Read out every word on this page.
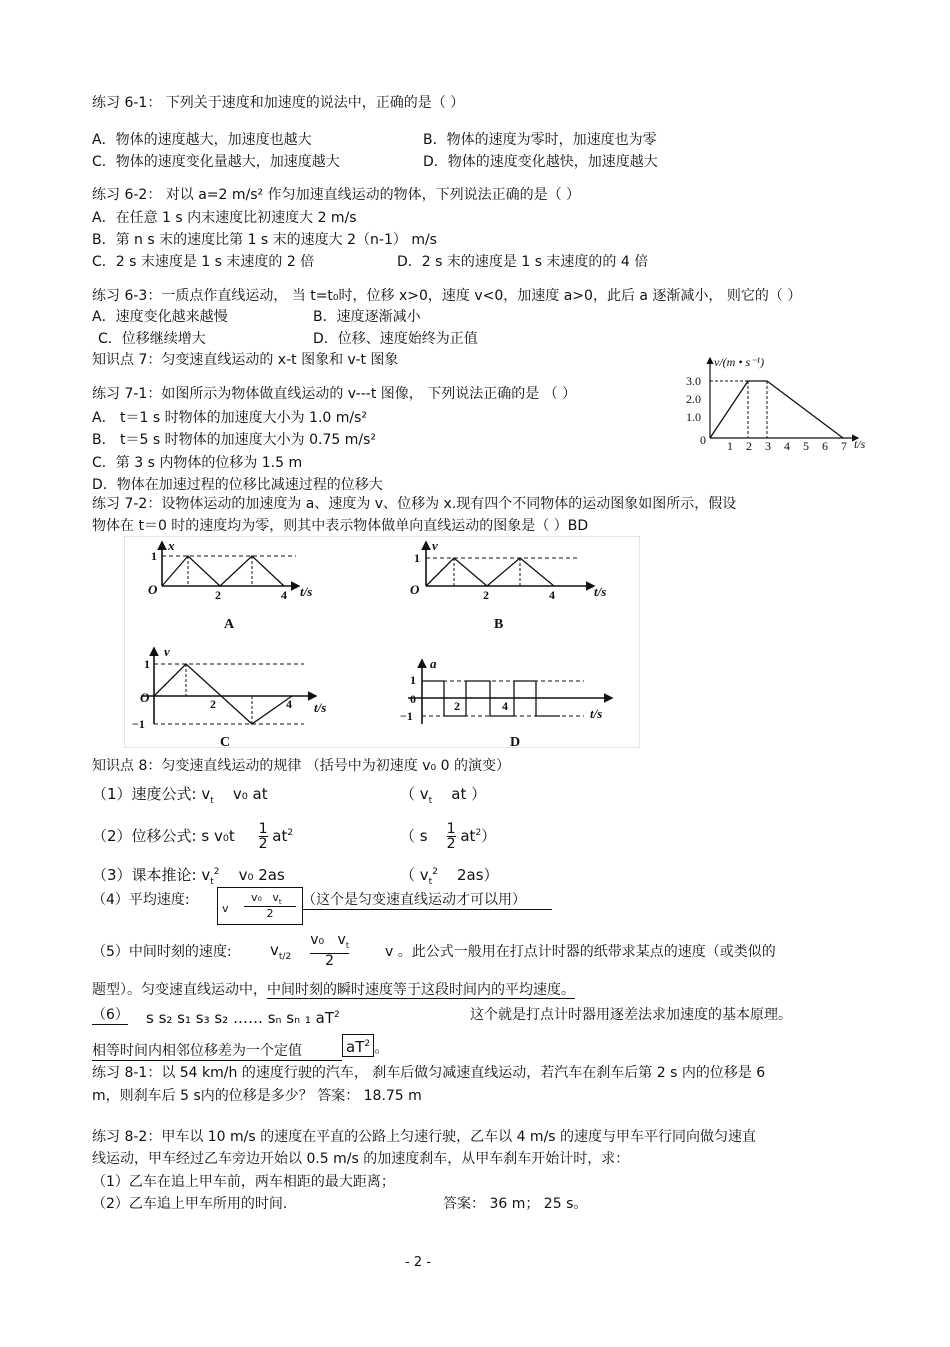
练习 6-1： 下列关于速度和加速度的说法中，正确的是（ ）
A．物体的速度越大，加速度也越大	B．物体的速度为零时，加速度也为零
C．物体的速度变化量越大，加速度越大	D．物体的速度变化越快，加速度越大
练习 6-2： 对以 a=2 m/s² 作匀加速直线运动的物体，下列说法正确的是（ ）
A．在任意 1 s 内末速度比初速度大 2 m/s
B．第 n s 末的速度比第 1 s 末的速度大 2（n-1） m/s
C．2 s 末速度是 1 s 末速度的 2 倍	D．2 s 末的速度是 1 s 末速度的的 4 倍
练习 6-3：一质点作直线运动， 当 t=t₀时，位移 x>0，速度 v<0，加速度 a>0，此后 a 逐渐减小， 则它的（ ）
A．速度变化越来越慢	B．速度逐渐减小
C．位移继续增大	D．位移、速度始终为正值
知识点 7：匀变速直线运动的 x-t 图象和 v-t 图象
练习 7-1：如图所示为物体做直线运动的 v---t 图像， 下列说法正确的是 （ ）
A． t＝1 s 时物体的加速度大小为 1.0 m/s²
B． t＝5 s 时物体的加速度大小为 0.75 m/s²
C．第 3 s 内物体的位移为 1.5 m
D．物体在加速过程的位移比减速过程的位移大
v/(m • s⁻¹)
t/s
3.0
2.0
1.0
0 1 2 3 4 5 6 7
练习 7-2：设物体运动的加速度为 a、速度为 v、位移为 x.现有四个不同物体的运动图象如图所示，假设
物体在 t＝0 时的速度均为零，则其中表示物体做单向直线运动的图象是（ ）BD
x
t/s
O
1
2	4
A
v
t/s
O
1
2	4
B
v
t/s
O
1
−1
2	4
C
a
t/s
0
1
−1
2	4
D
知识点 8：匀变速直线运动的规律 （括号中为初速度 v₀ 0 的演变）
（1）速度公式: $v_t$ v₀ at	（ $v_t$ at ）
（2）位移公式: s $v_0t \frac{1}{2} at^2$	（ s $\frac{1}{2} at^2$）
（3）课本推论: $v_t^2$ v₀ 2as	（ $v_t^2$ 2as）
（4）平均速度:
v
v₀   $v_t$
2
（这个是匀变速直线运动才可以用）
（5）中间时刻的速度:	$v_{t/2} \frac{v_0 v_t}{2}$	v 。此公式一般用在打点计时器的纸带求某点的速度（或类似的
题型）。匀变速直线运动中，中间时刻的瞬时速度等于这段时间内的平均速度。
（6） s s₂ s₁ s₃ s₂ …… sₙ sₙ ₁ $aT^2$	这个就是打点计时器用逐差法求加速度的基本原理。
相等时间内相邻位移差为一个定值	$aT^2$ 。
练习 8-1：以 54 km/h 的速度行驶的汽车， 刹车后做匀减速直线运动，若汽车在刹车后第 2 s 内的位移是 6
m，则刹车后 5 s内的位移是多少？ 答案： 18.75 m
练习 8-2：甲车以 10 m/s 的速度在平直的公路上匀速行驶，乙车以 4 m/s 的速度与甲车平行同向做匀速直
线运动，甲车经过乙车旁边开始以 0.5 m/s 的加速度刹车，从甲车刹车开始计时，求：
（1）乙车在追上甲车前，两车相距的最大距离；
（2）乙车追上甲车所用的时间.	答案： 36 m； 25 s。
- 2 -
